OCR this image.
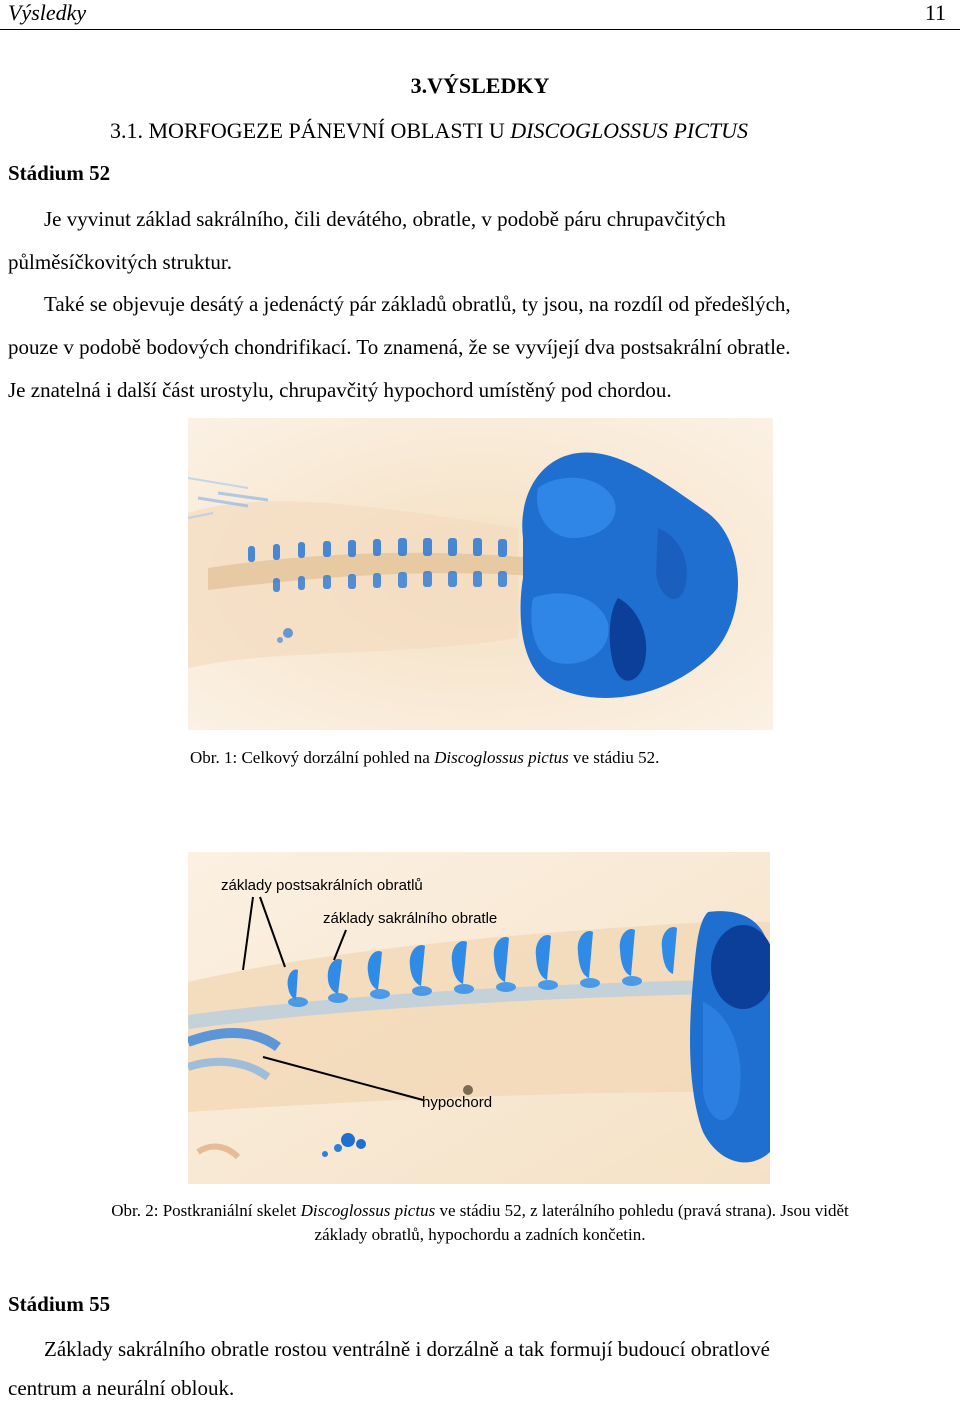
Výsledky	11
3.VÝSLEDKY
3.1. MORFOGEZE PÁNEVNÍ OBLASTI U DISCOGLOSSUS PICTUS
Stádium 52
Je vyvinut základ sakrálního, čili devátého, obratle, v podobě páru chrupavčitých
půlměsíčkovitých struktur.
Také se objevuje desátý a jedenáctý pár základů obratlů, ty jsou, na rozdíl od předešlých,
pouze v podobě bodových chondrifikací. To znamená, že se vyvíjejí dva postsakrální obratle.
Je znatelná i další část urostylu, chrupavčitý hypochord umístěný pod chordou.
Obr. 1: Celkový dorzální pohled na Discoglossus pictus ve stádiu 52.
základy postsakrálních obratlů
základy sakrálního obratle
hypochord
Obr. 2: Postkraniální skelet Discoglossus pictus ve stádiu 52, z laterálního pohledu (pravá strana). Jsou vidět
základy obratlů, hypochordu a zadních končetin.
Stádium 55
Základy sakrálního obratle rostou ventrálně i dorzálně a tak formují budoucí obratlové
centrum a neurální oblouk.
